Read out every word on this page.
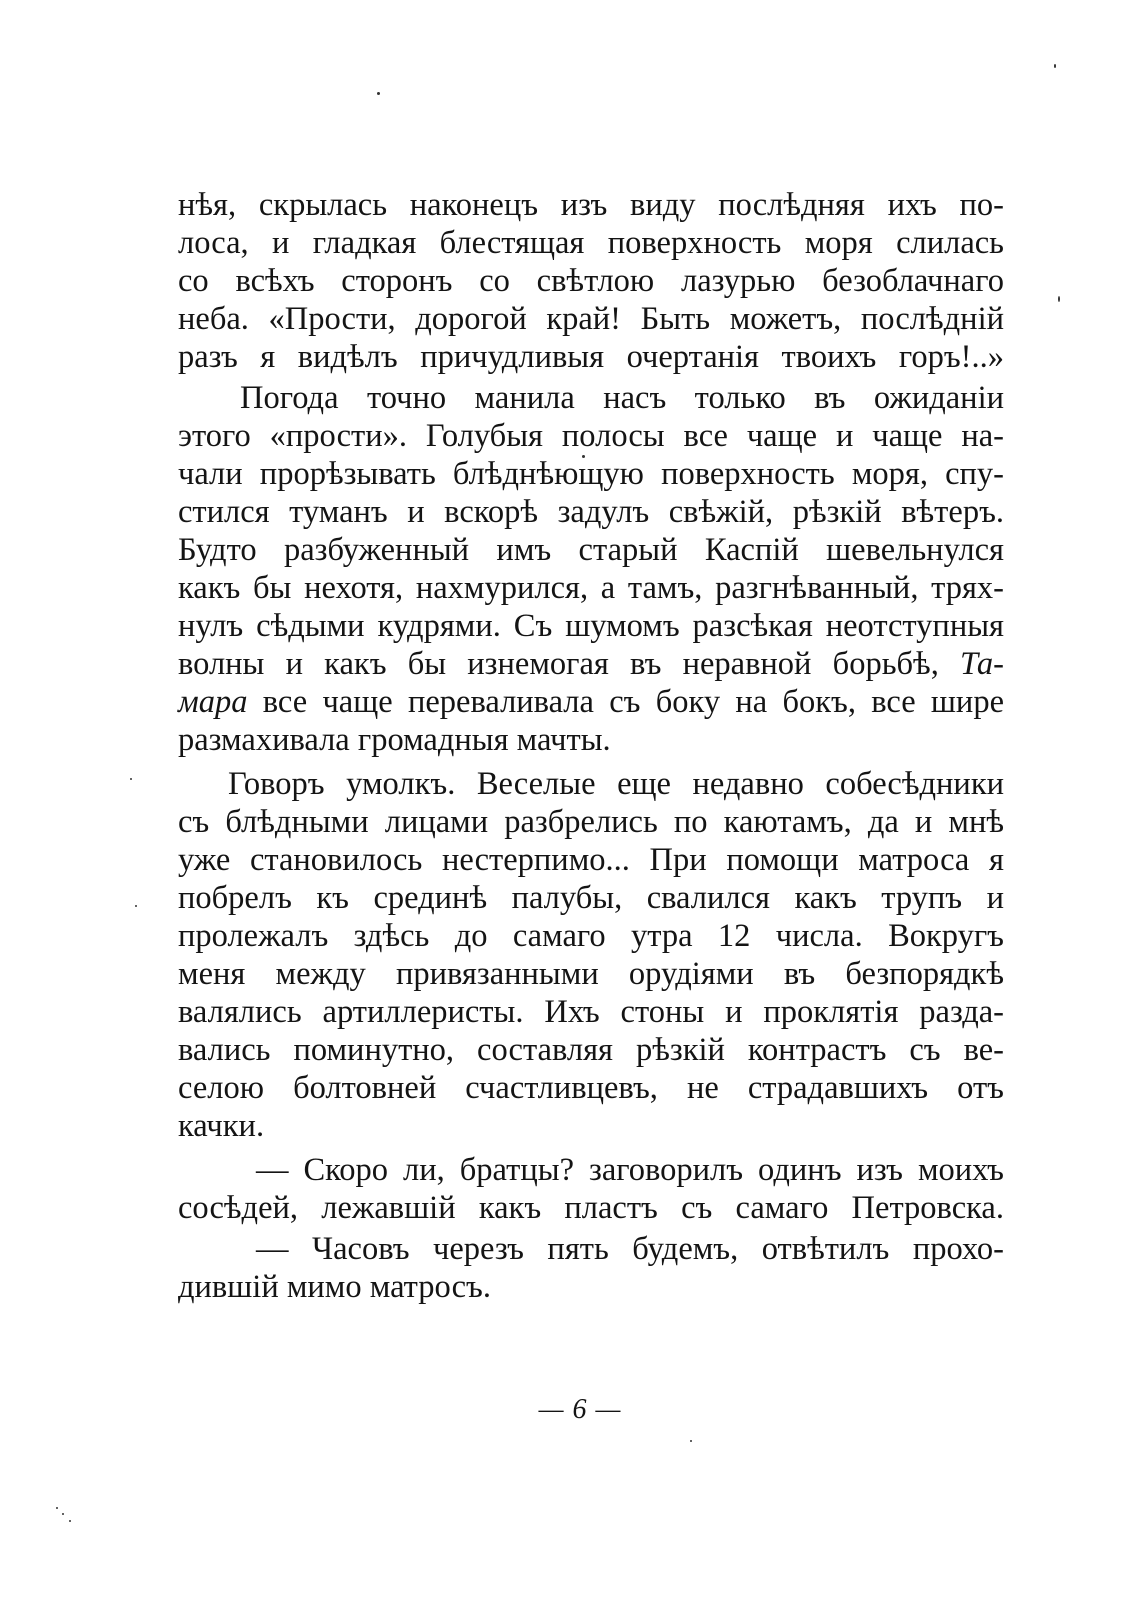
нѣя, скрылась наконецъ изъ виду послѣдняя ихъ по-
лоса, и гладкая блестящая поверхность моря слилась
со всѣхъ сторонъ со свѣтлою лазурью безоблачнаго
неба. «Прости, дорогой край! Быть можетъ, послѣднiй
разъ я видѣлъ причудливыя очертанiя твоихъ горъ!..»
Погода точно манила насъ только въ ожиданiи
этого «прости». Голубыя полосы все чаще и чаще на-
чали прорѣзывать блѣднѣющую поверхность моря, спу-
стился туманъ и вскорѣ задулъ свѣжiй, рѣзкiй вѣтеръ.
Будто разбуженный имъ старый Каспiй шевельнулся
какъ бы нехотя, нахмурился, а тамъ, разгнѣванный, трях-
нулъ сѣдыми кудрями. Съ шумомъ разсѣкая неотступныя
волны и какъ бы изнемогая въ неравной борьбѣ, Та-
мара все чаще переваливала съ боку на бокъ, все шире
размахивала громадныя мачты.
Говоръ умолкъ. Веселые еще недавно собесѣдники
съ блѣдными лицами разбрелись по каютамъ, да и мнѣ
уже становилось нестерпимо... При помощи матроса я
побрелъ къ срединѣ палубы, свалился какъ трупъ и
пролежалъ здѣсь до самаго утра 12 числа. Вокругъ
меня между привязанными орудiями въ безпорядкѣ
валялись артиллеристы. Ихъ стоны и проклятiя разда-
вались поминутно, составляя рѣзкiй контрастъ съ ве-
селою болтовней счастливцевъ, не страдавшихъ отъ
качки.
— Скоро ли, братцы? заговорилъ одинъ изъ моихъ
сосѣдей, лежавшiй какъ пластъ съ самаго Петровска.
— Часовъ черезъ пять будемъ, отвѣтилъ прохо-
дившiй мимо матросъ.
— 6 —
